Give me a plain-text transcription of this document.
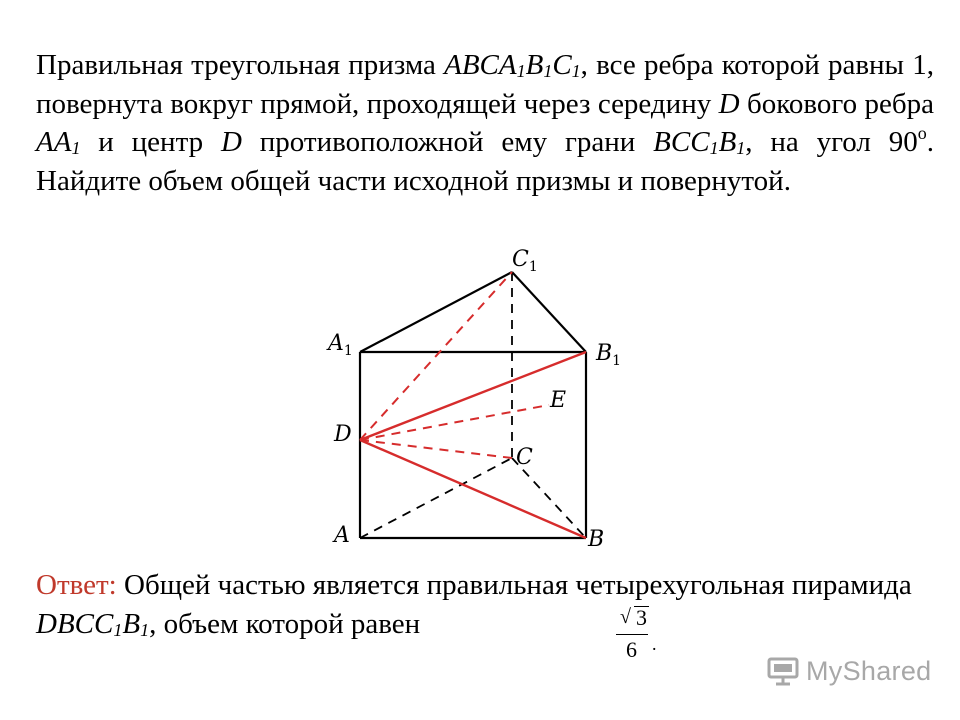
Правильная треугольная призма $ABCA_1B_1C_1$, все ребра которой равны 1, повернута вокруг прямой, проходящей через середину D бокового ребра $AA_1$ и центр D противоположной ему грани $BCC_1B_1$, на угол 90$^o$. Найдите объем общей части исходной призмы и повернутой.
$C_1$
$A_1$	$B_1$
D
E
C
A	B
Ответ: Общей частью является правильная четырехугольная пирамида $DBCC_1B_1$, объем которой равен	√ 3
6 .
MyShared
